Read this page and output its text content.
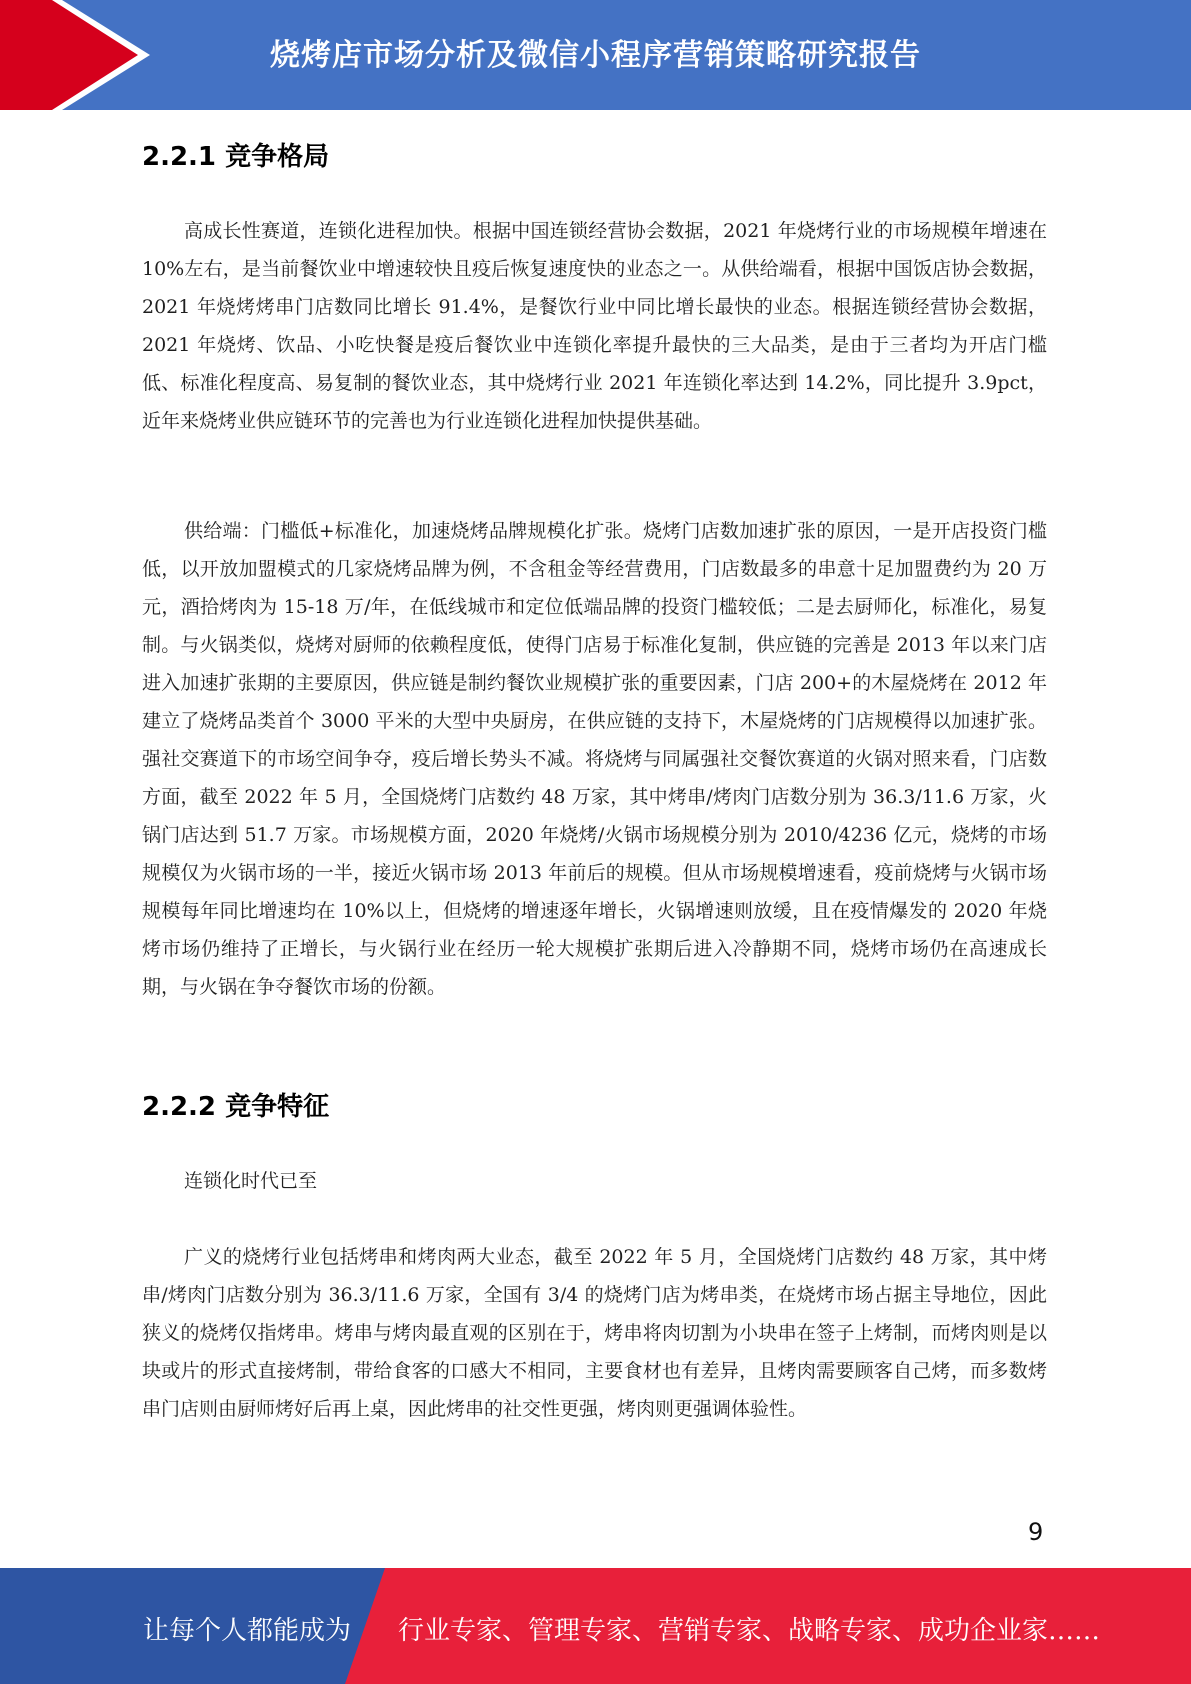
烧烤店市场分析及微信小程序营销策略研究报告
2.2.1 竞争格局

高成长性赛道，连锁化进程加快。根据中国连锁经营协会数据，2021 年烧烤行业的市场规模年增速在 10%左右，是当前餐饮业中增速较快且疫后恢复速度快的业态之一。从供给端看，根据中国饭店协会数据，2021 年烧烤烤串门店数同比增长 91.4%，是餐饮行业中同比增长最快的业态。根据连锁经营协会数据，2021 年烧烤、饮品、小吃快餐是疫后餐饮业中连锁化率提升最快的三大品类，是由于三者均为开店门槛低、标准化程度高、易复制的餐饮业态，其中烧烤行业 2021 年连锁化率达到 14.2%，同比提升 3.9pct，近年来烧烤业供应链环节的完善也为行业连锁化进程加快提供基础。

供给端：门槛低+标准化，加速烧烤品牌规模化扩张。烧烤门店数加速扩张的原因，一是开店投资门槛低，以开放加盟模式的几家烧烤品牌为例，不含租金等经营费用，门店数最多的串意十足加盟费约为 20 万元，酒拾烤肉为 15-18 万/年，在低线城市和定位低端品牌的投资门槛较低；二是去厨师化，标准化，易复制。与火锅类似，烧烤对厨师的依赖程度低，使得门店易于标准化复制，供应链的完善是 2013 年以来门店进入加速扩张期的主要原因，供应链是制约餐饮业规模扩张的重要因素，门店 200+的木屋烧烤在 2012 年建立了烧烤品类首个 3000 平米的大型中央厨房，在供应链的支持下，木屋烧烤的门店规模得以加速扩张。强社交赛道下的市场空间争夺，疫后增长势头不减。将烧烤与同属强社交餐饮赛道的火锅对照来看，门店数方面，截至 2022 年 5 月，全国烧烤门店数约 48 万家，其中烤串/烤肉门店数分别为 36.3/11.6 万家，火锅门店达到 51.7 万家。市场规模方面，2020 年烧烤/火锅市场规模分别为 2010/4236 亿元，烧烤的市场规模仅为火锅市场的一半，接近火锅市场 2013 年前后的规模。但从市场规模增速看，疫前烧烤与火锅市场规模每年同比增速均在 10%以上，但烧烤的增速逐年增长，火锅增速则放缓，且在疫情爆发的 2020 年烧烤市场仍维持了正增长，与火锅行业在经历一轮大规模扩张期后进入冷静期不同，烧烤市场仍在高速成长期，与火锅在争夺餐饮市场的份额。

2.2.2 竞争特征

连锁化时代已至

广义的烧烤行业包括烤串和烤肉两大业态，截至 2022 年 5 月，全国烧烤门店数约 48 万家，其中烤串/烤肉门店数分别为 36.3/11.6 万家，全国有 3/4 的烧烤门店为烤串类，在烧烤市场占据主导地位，因此狭义的烧烤仅指烤串。烤串与烤肉最直观的区别在于，烤串将肉切割为小块串在签子上烤制，而烤肉则是以块或片的形式直接烤制，带给食客的口感大不相同，主要食材也有差异，且烤肉需要顾客自己烤，而多数烤串门店则由厨师烤好后再上桌，因此烤串的社交性更强，烤肉则更强调体验性。

9
让每个人都能成为 行业专家、管理专家、营销专家、战略专家、成功企业家……
